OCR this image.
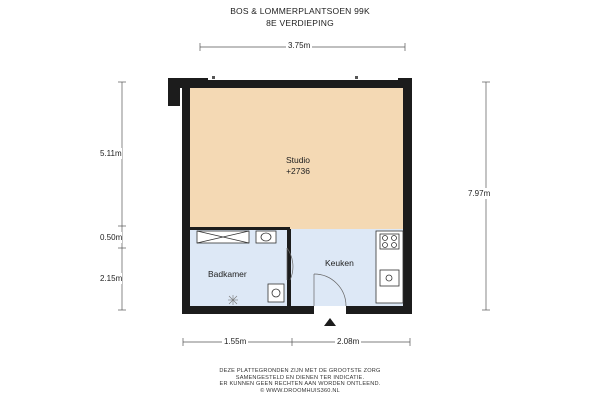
BOS & LOMMERPLANTSOEN 99K
8E VERDIEPING
Studio
+2736
Badkamer
Keuken
3.75m
5.11m
0.50m
2.15m
7.97m
1.55m	2.08m
DEZE PLATTEGRONDEN ZIJN MET DE GROOTSTE ZORG
SAMENGESTELD EN DIENEN TER INDICATIE.
ER KUNNEN GEEN RECHTEN AAN WORDEN ONTLEEND.
© WWW.DROOMHUIS360.NL
